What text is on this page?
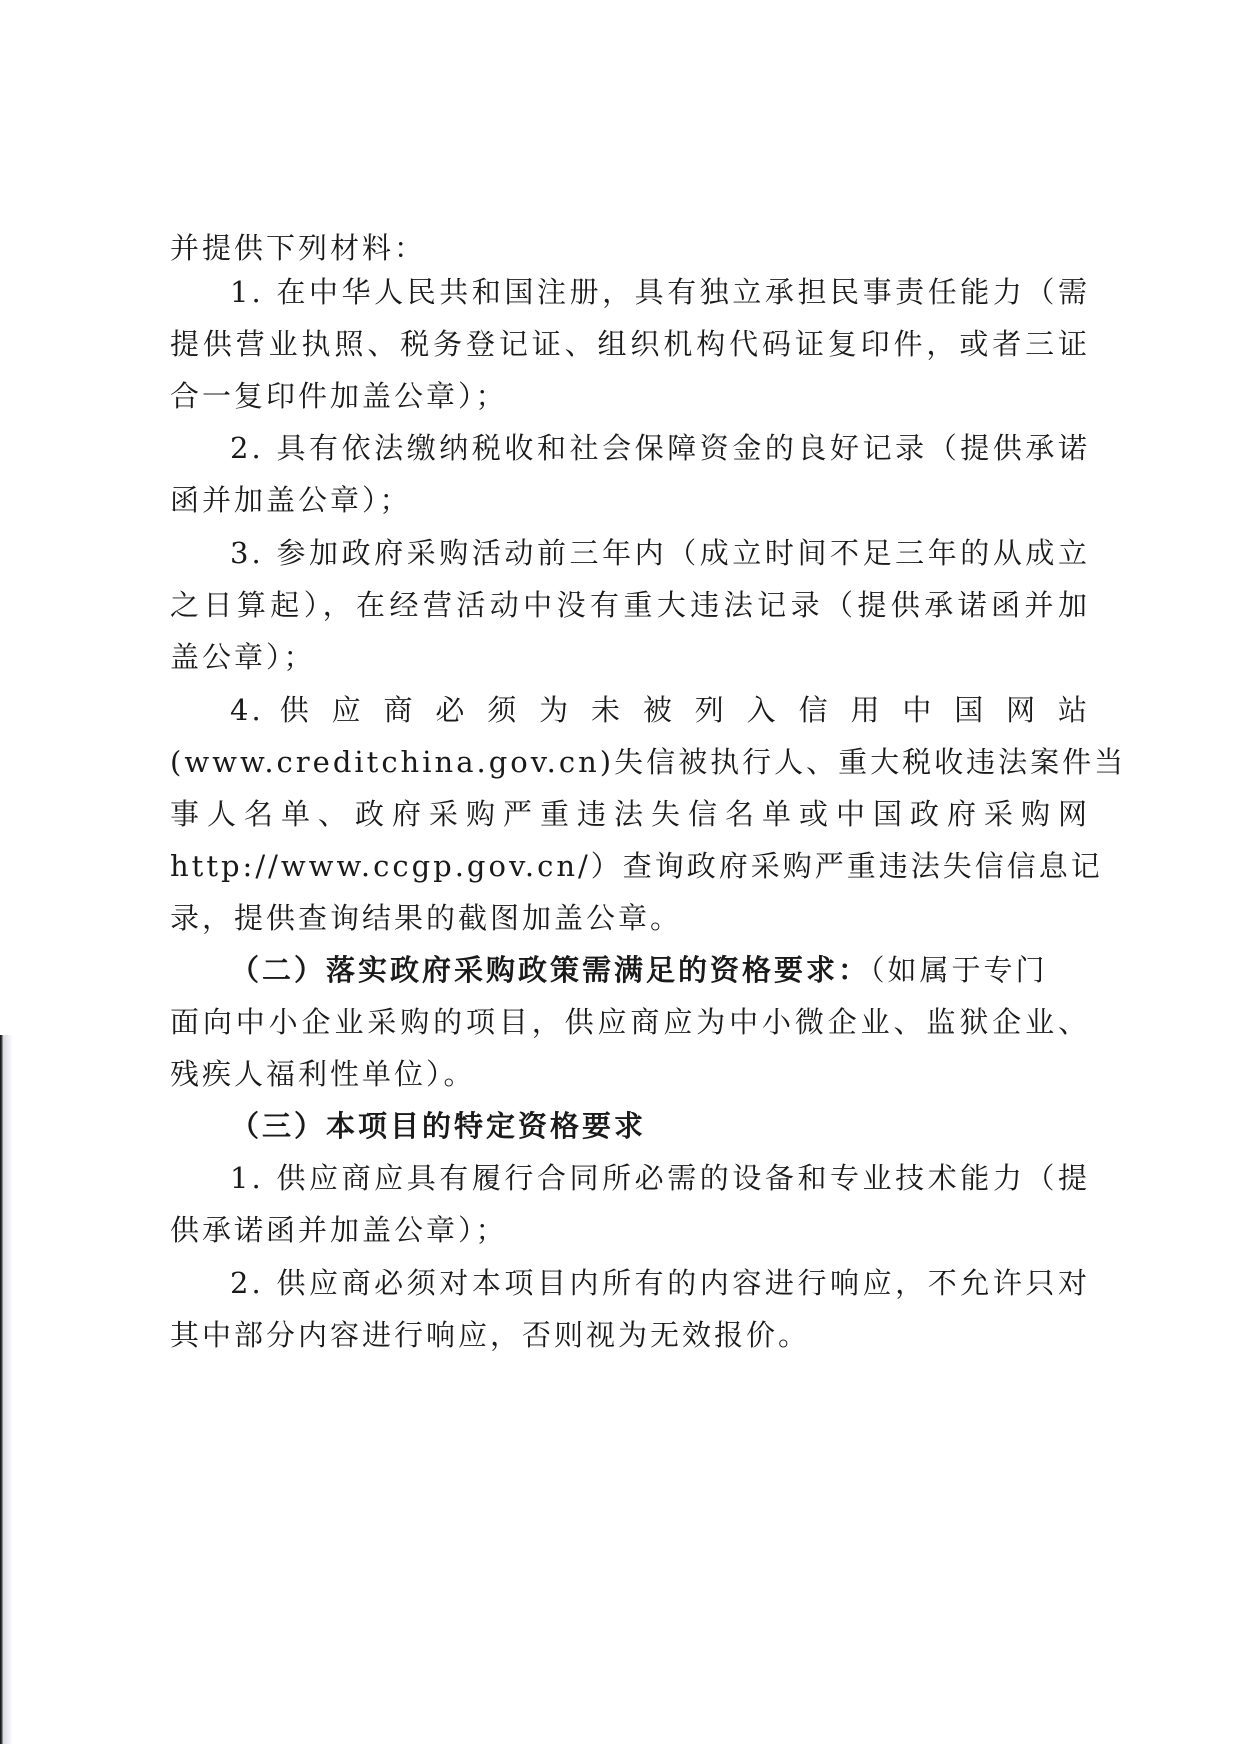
并提供下列材料：
1. 在中华人民共和国注册，具有独立承担民事责任能力（需
提供营业执照、税务登记证、组织机构代码证复印件，或者三证
合一复印件加盖公章）；
2. 具有依法缴纳税收和社会保障资金的良好记录（提供承诺
函并加盖公章）；
3. 参加政府采购活动前三年内（成立时间不足三年的从成立
之日算起），在经营活动中没有重大违法记录（提供承诺函并加
盖公章）；
4. 供 应 商 必 须 为 未 被 列 入 信 用 中 国 网 站
(www.creditchina.gov.cn)失信被执行人、重大税收违法案件当
事人名单、政府采购严重违法失信名单或中国政府采购网
http://www.ccgp.gov.cn/）查询政府采购严重违法失信信息记
录，提供查询结果的截图加盖公章。
（二）落实政府采购政策需满足的资格要求：（如属于专门
面向中小企业采购的项目，供应商应为中小微企业、监狱企业、
残疾人福利性单位）。
（三）本项目的特定资格要求
1. 供应商应具有履行合同所必需的设备和专业技术能力（提
供承诺函并加盖公章）；
2. 供应商必须对本项目内所有的内容进行响应，不允许只对
其中部分内容进行响应，否则视为无效报价。
